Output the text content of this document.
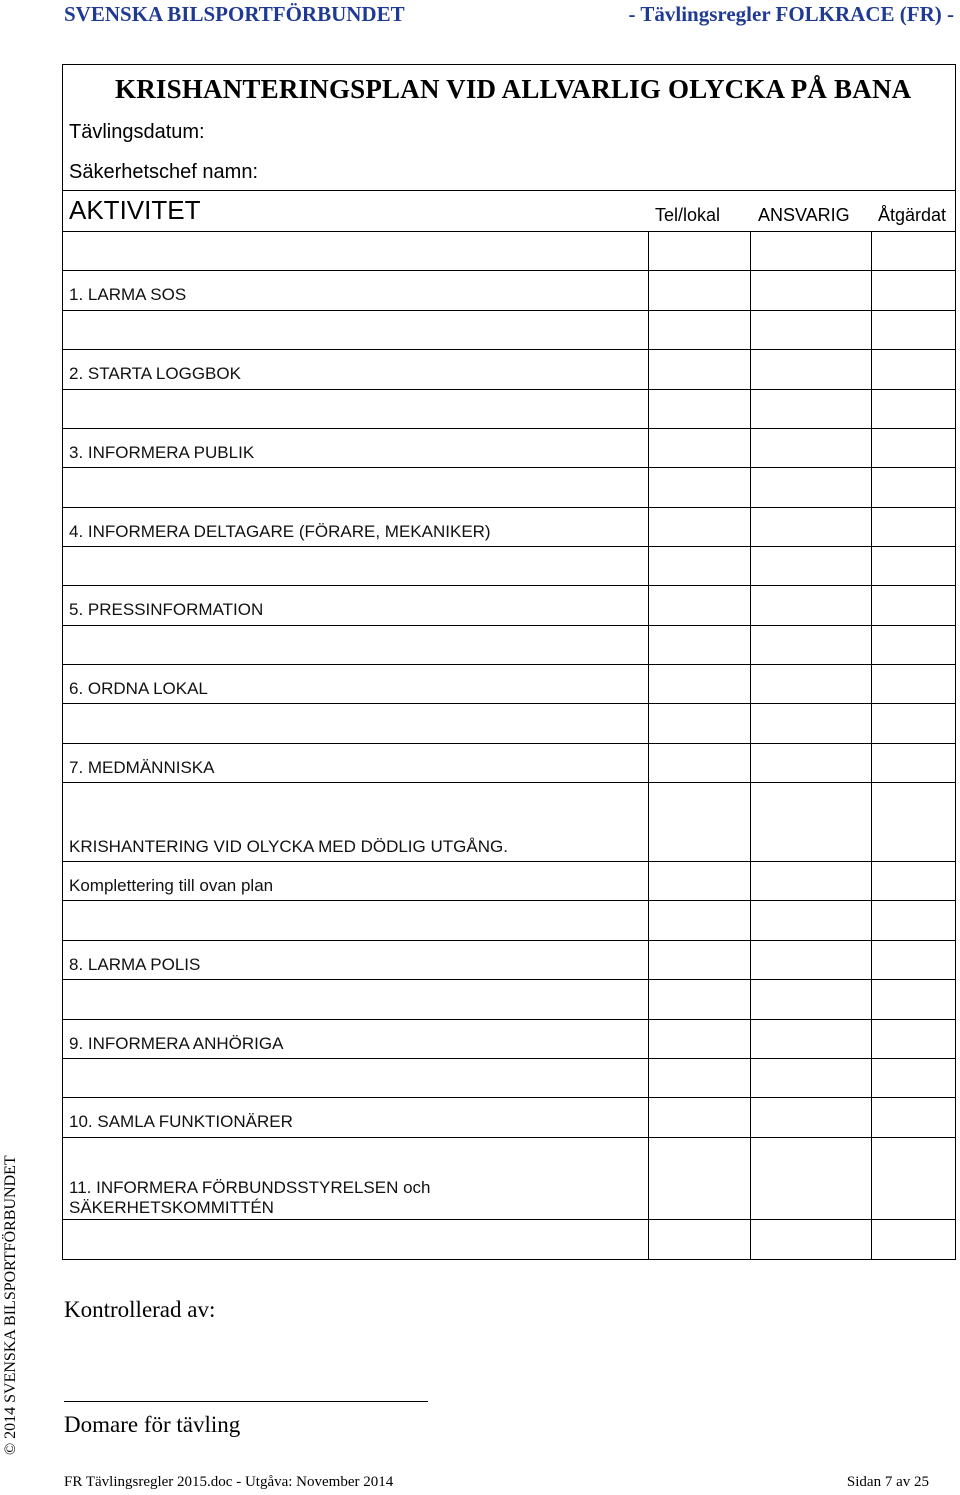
SVENSKA BILSPORTFÖRBUNDET	- Tävlingsregler FOLKRACE (FR) -
KRISHANTERINGSPLAN VID ALLVARLIG OLYCKA PÅ BANA
Tävlingsdatum:
Säkerhetschef namn:
AKTIVITET	Tel/lokal ANSVARIG Åtgärdat
1. LARMA SOS
2. STARTA LOGGBOK
3. INFORMERA PUBLIK
4. INFORMERA DELTAGARE (FÖRARE, MEKANIKER)
5. PRESSINFORMATION
6. ORDNA LOKAL
7. MEDMÄNNISKA
KRISHANTERING VID OLYCKA MED DÖDLIG UTGÅNG.
Komplettering till ovan plan
8. LARMA POLIS
9. INFORMERA ANHÖRIGA
10. SAMLA FUNKTIONÄRER
11. INFORMERA FÖRBUNDSSTYRELSEN och SÄKERHETSKOMMITTÉN
Kontrollerad av:
Domare för tävling
© 2014 SVENSKA BILSPORTFÖRBUNDET
FR Tävlingsregler 2015.doc - Utgåva: November 2014	Sidan 7 av 25
